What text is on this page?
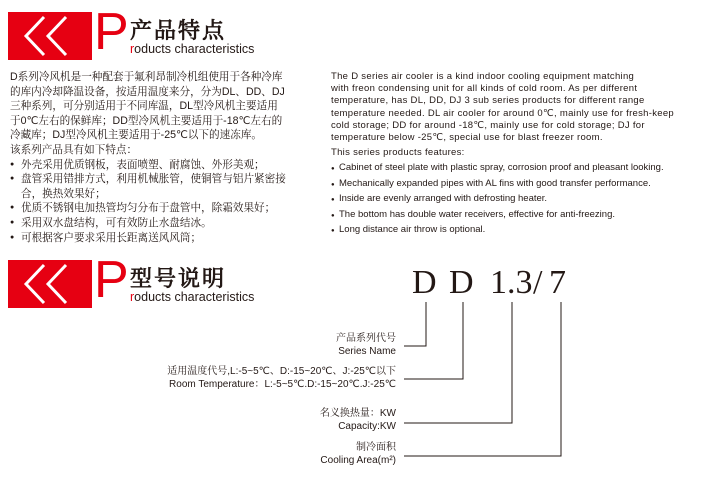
P 产品特点
roducts characteristics

D系列冷风机是一种配套于氟利昂制冷机组使用于各种冷库

的库内冷却降温设备，按适用温度来分，分为DL、DD、DJ

三种系列，可分别适用于不同库温，DL型冷风机主要适用

于0℃左右的保鲜库；DD型冷风机主要适用于-18℃左右的

冷藏库；DJ型冷风机主要适用于-25℃以下的速冻库。

该系列产品具有如下特点：

● 外壳采用优质钢板，表面喷塑、耐腐蚀、外形美观；
● 盘管采用错排方式，利用机械胀管，使铜管与铝片紧密接
合，换热效果好；
● 优质不锈钢电加热管均匀分布于盘管中，除霜效果好；
● 采用双水盘结构，可有效防止水盘结冰。
● 可根据客户要求采用长距离送风风筒；

The D series air cooler is a kind indoor cooling equipment matching

with freon condensing unit for all kinds of cold room. As per different

temperature, has DL, DD, DJ 3 sub series products for different range

temperature needed. DL air cooler for around 0℃, mainly use for fresh-keep

cold storage; DD for around -18℃, mainly use for cold storage; DJ for

temperature below -25℃, special use for blast freezer room.

This series products features:

● Cabinet of steel plate with plastic spray, corrosion proof and pleasant looking.
● Mechanically expanded pipes with AL fins with good transfer performance.
● Inside are evenly arranged with defrosting heater.
● The bottom has double water receivers, effective for anti-freezing.
● Long distance air throw is optional.
P 型号说明
roducts characteristics	D D 1.3 / 7
产品系列代号
Series Name
适用温度代号,L:-5~5℃、D:-15~20℃、J:-25℃以下
Room Temperature：L:-5~5℃.D:-15~20℃.J:-25℃
名义换热量：KW
Capacity:KW
制冷面积
Cooling Area(m²)
